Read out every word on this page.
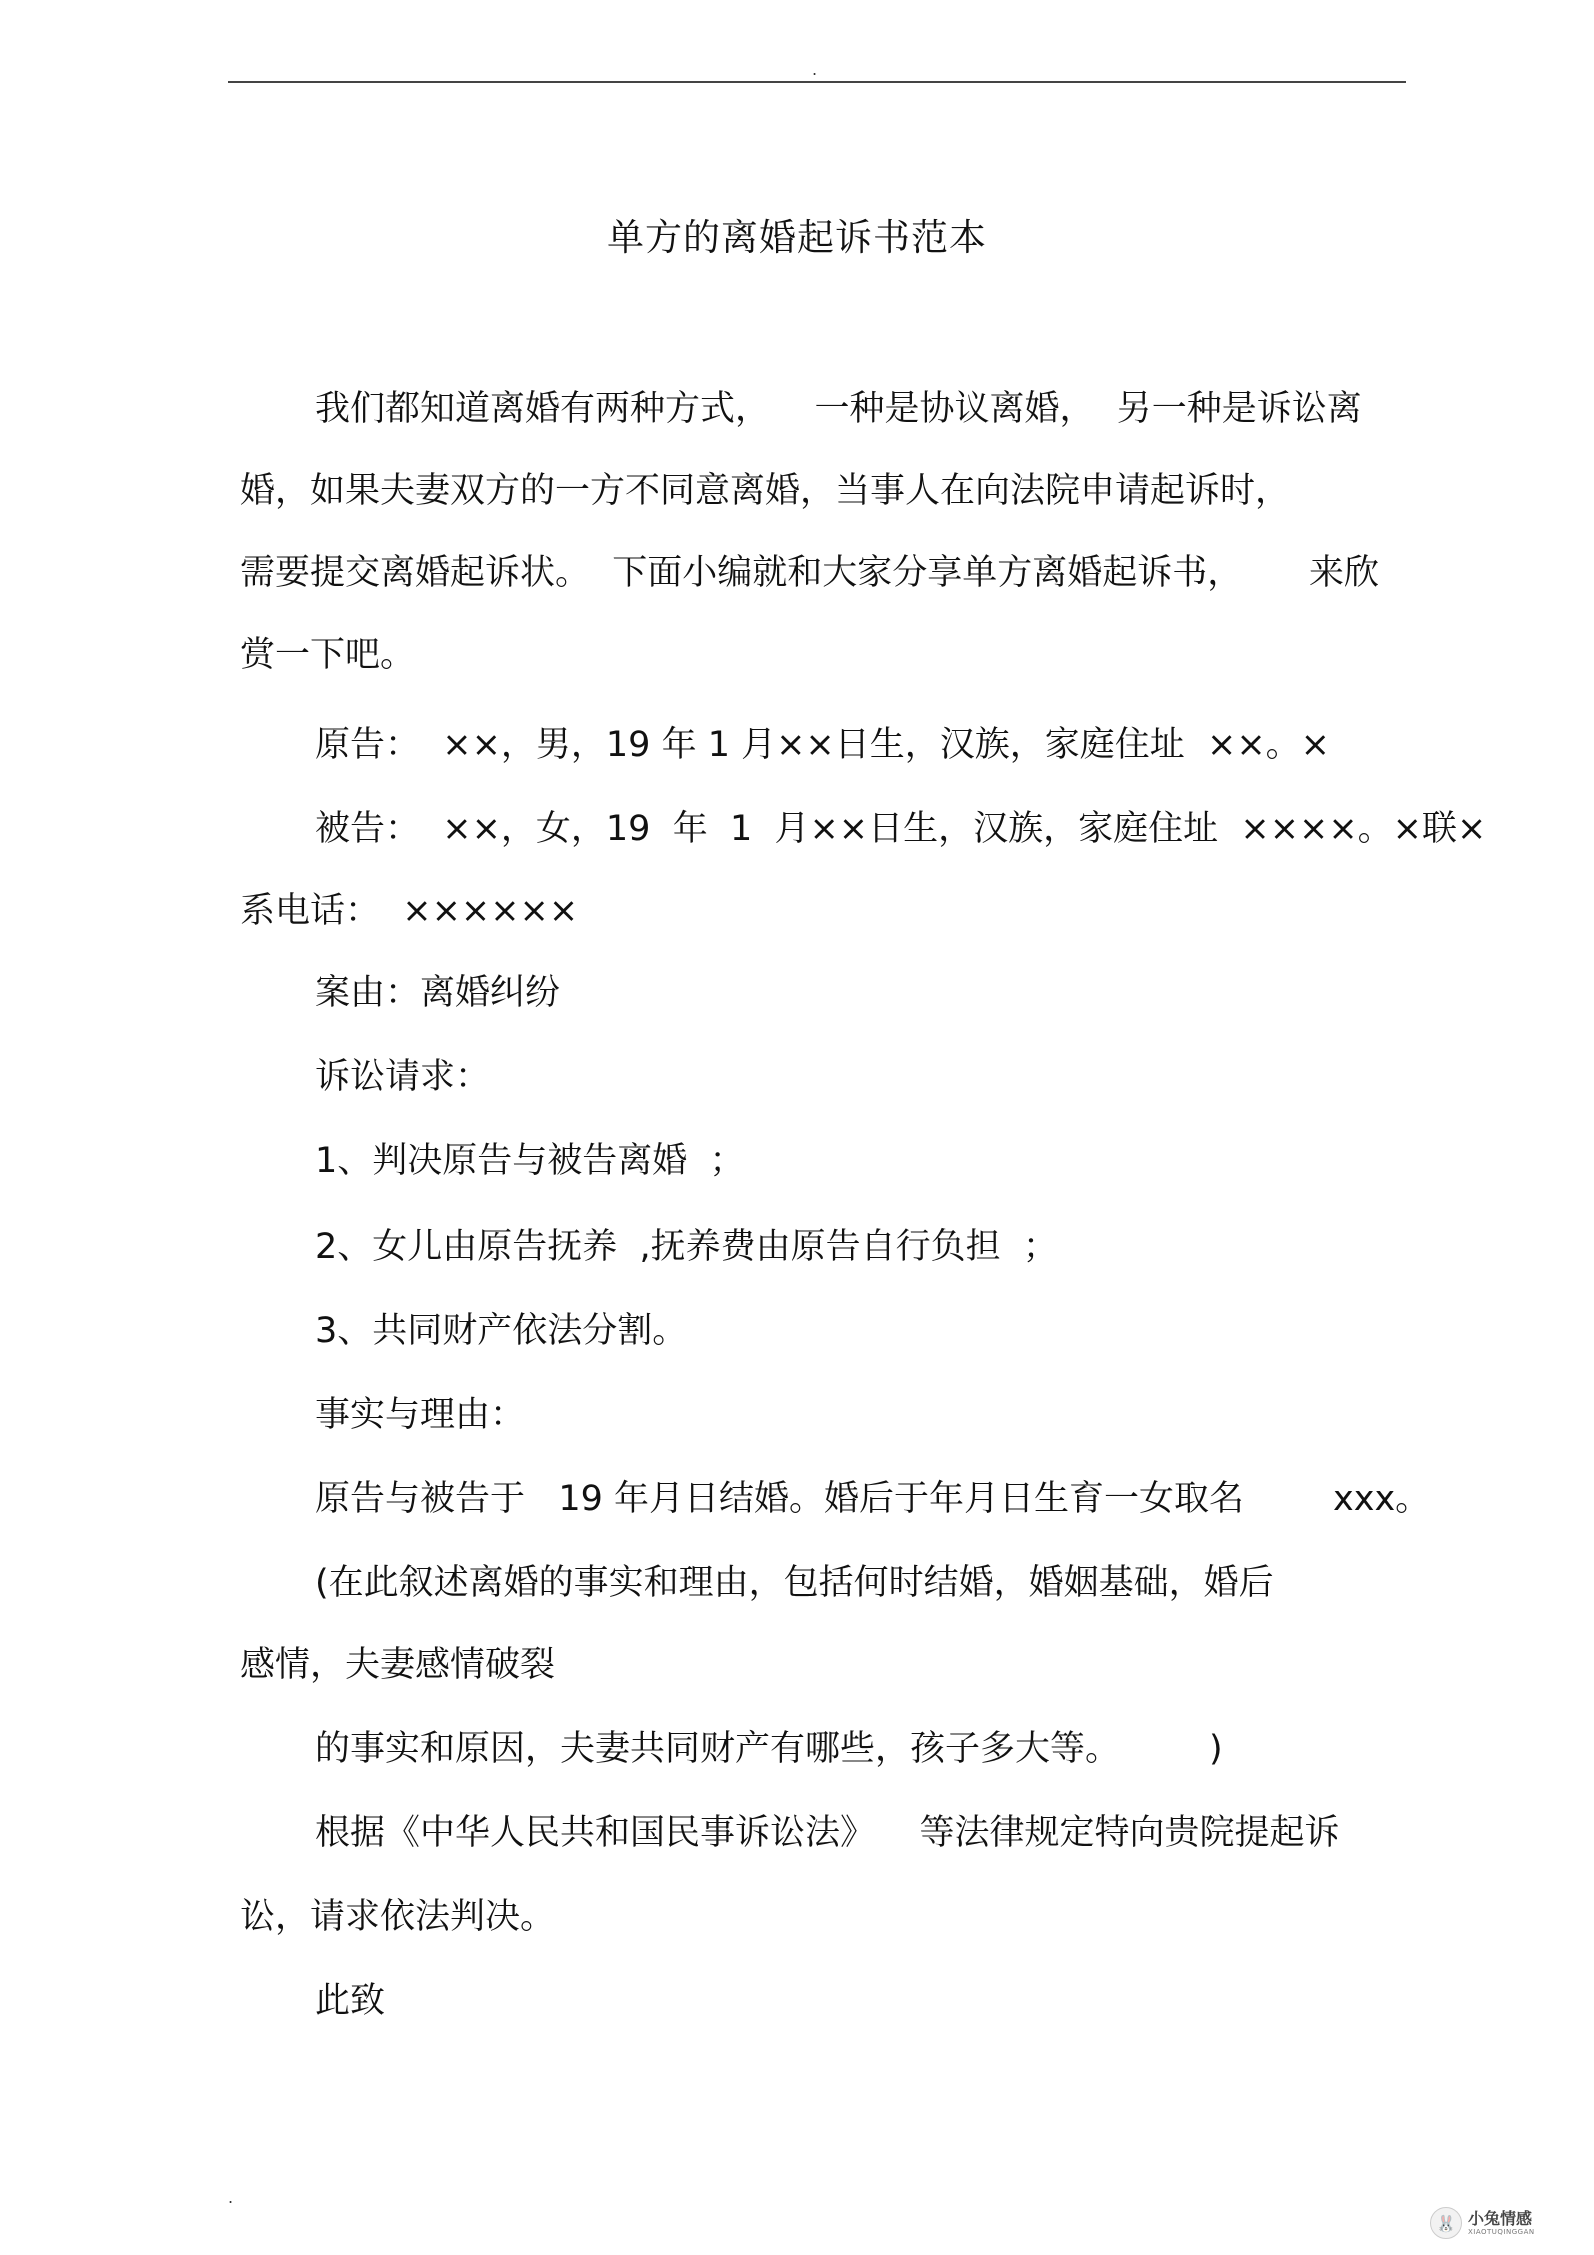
.
单方的离婚起诉书范本
我们都知道离婚有两种方式，    一种是协议离婚，  另一种是诉讼离
婚，如果夫妻双方的一方不同意离婚，当事人在向法院申请起诉时，
需要提交离婚起诉状。  下面小编就和大家分享单方离婚起诉书，      来欣
赏一下吧。
原告：  ××，男，19 年 1 月××日生，汉族，家庭住址  ××。×
被告：  ××，女，19  年  1  月××日生，汉族，家庭住址  ××××。×联×
系电话：  ××××××
案由：离婚纠纷
诉讼请求：
1、判决原告与被告离婚  ；
2、女儿由原告抚养  ,抚养费由原告自行负担  ；
3、共同财产依法分割。
事实与理由：
原告与被告于   19 年月日结婚。婚后于年月日生育一女取名        xxx。
(在此叙述离婚的事实和理由，包括何时结婚，婚姻基础，婚后
感情，夫妻感情破裂
的事实和原因，夫妻共同财产有哪些，孩子多大等。        )
根据《中华人民共和国民事诉讼法》    等法律规定特向贵院提起诉
讼，请求依法判决。
此致
.
🐰 小兔情感
XIAOTUQINGGAN
